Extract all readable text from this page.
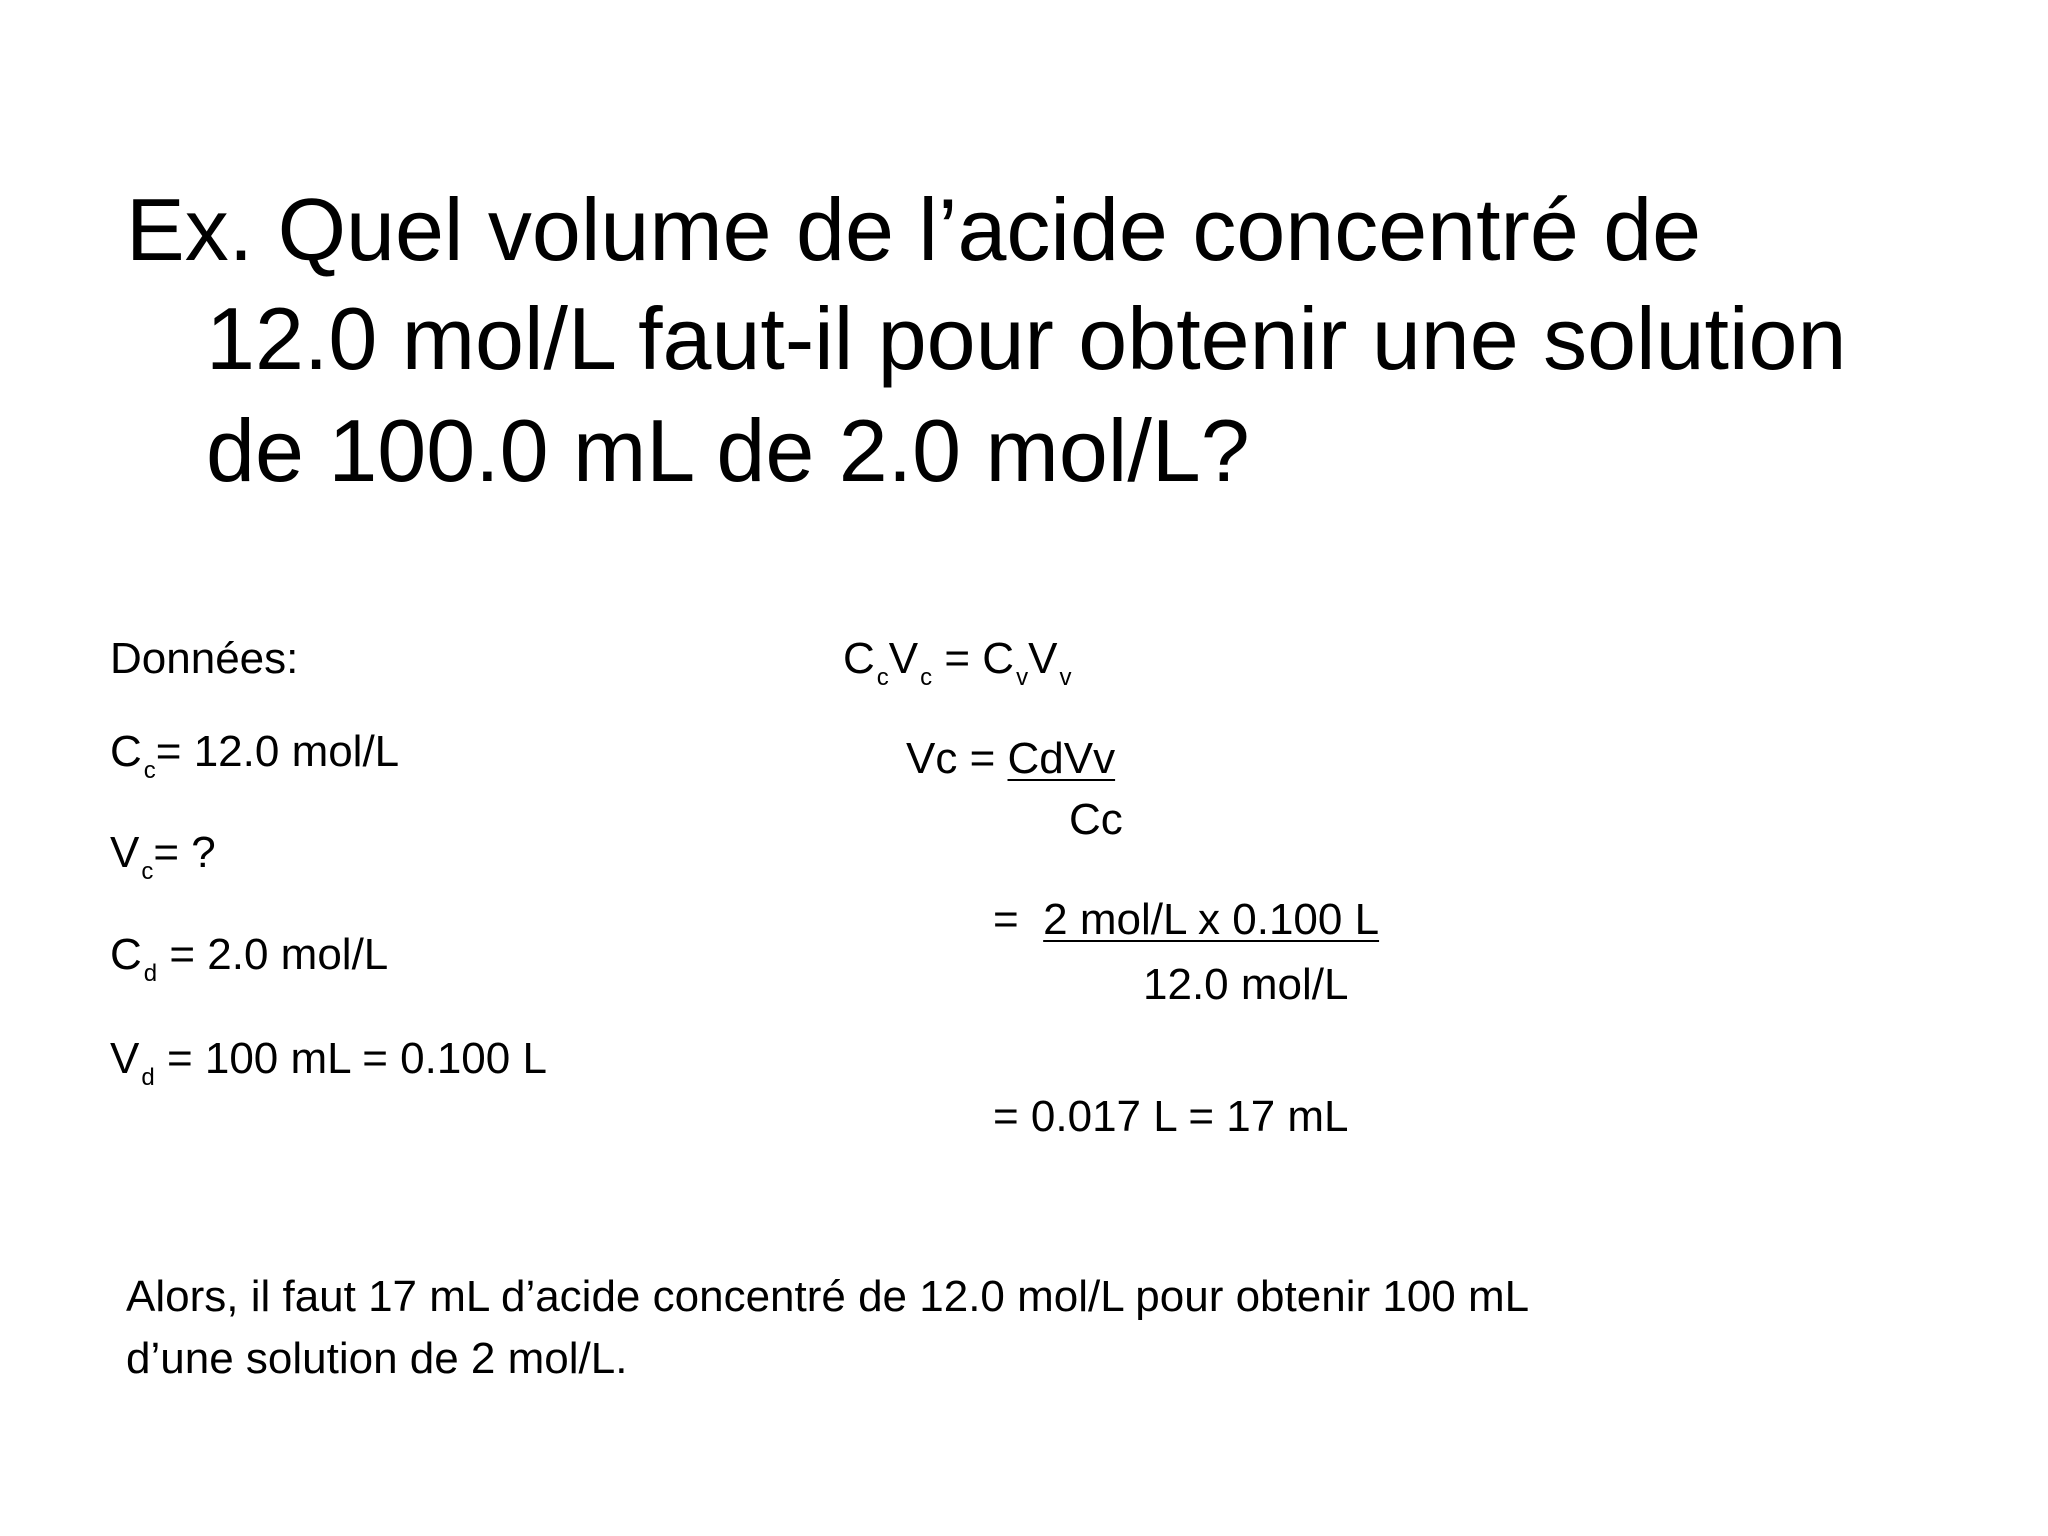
Ex. Quel volume de l’acide concentré de
12.0 mol/L faut-il pour obtenir une solution
de 100.0 mL de 2.0 mol/L?
Données:
$C_c= 12.0$ mol/L
$V_c=$ ?
$C_d = 2.0$ mol/L
$V_d = 100$ mL = 0.100 L
$C_cV_c = C_vV_v$
Vc = CdVv
Cc
=  2 mol/L x 0.100 L
12.0 mol/L
= 0.017 L = 17 mL
Alors, il faut 17 mL d’acide concentré de 12.0 mol/L pour obtenir 100 mL
d’une solution de 2 mol/L.
